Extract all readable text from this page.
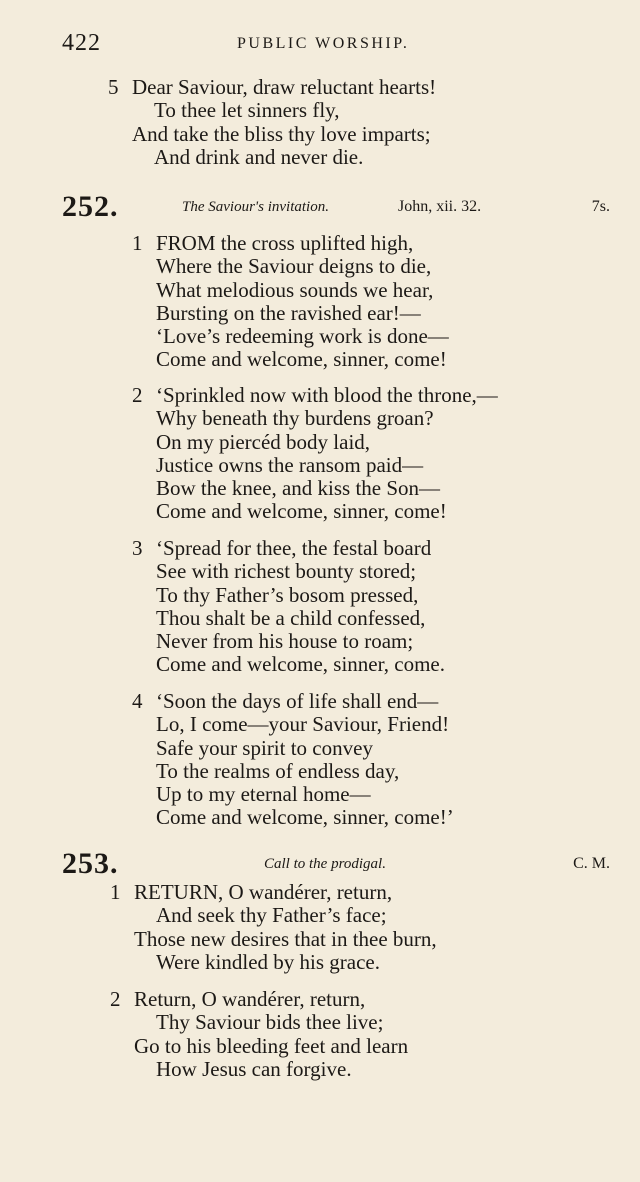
422	PUBLIC WORSHIP.
5 Dear Saviour, draw reluctant hearts!
To thee let sinners fly,
And take the bliss thy love imparts;
And drink and never die.
252.	The Saviour's invitation.	John, xii. 32.	7s.
1 FROM the cross uplifted high,
Where the Saviour deigns to die,
What melodious sounds we hear,
Bursting on the ravished ear!—
‘Love’s redeeming work is done—
Come and welcome, sinner, come!
2 ‘Sprinkled now with blood the throne,—
Why beneath thy burdens groan?
On my piercéd body laid,
Justice owns the ransom paid—
Bow the knee, and kiss the Son—
Come and welcome, sinner, come!
3 ‘Spread for thee, the festal board
See with richest bounty stored;
To thy Father’s bosom pressed,
Thou shalt be a child confessed,
Never from his house to roam;
Come and welcome, sinner, come.
4 ‘Soon the days of life shall end—
Lo, I come—your Saviour, Friend!
Safe your spirit to convey
To the realms of endless day,
Up to my eternal home—
Come and welcome, sinner, come!’
253.	Call to the prodigal.	C. M.
1 RETURN, O wandérer, return,
And seek thy Father’s face;
Those new desires that in thee burn,
Were kindled by his grace.
2 Return, O wandérer, return,
Thy Saviour bids thee live;
Go to his bleeding feet and learn
How Jesus can forgive.
